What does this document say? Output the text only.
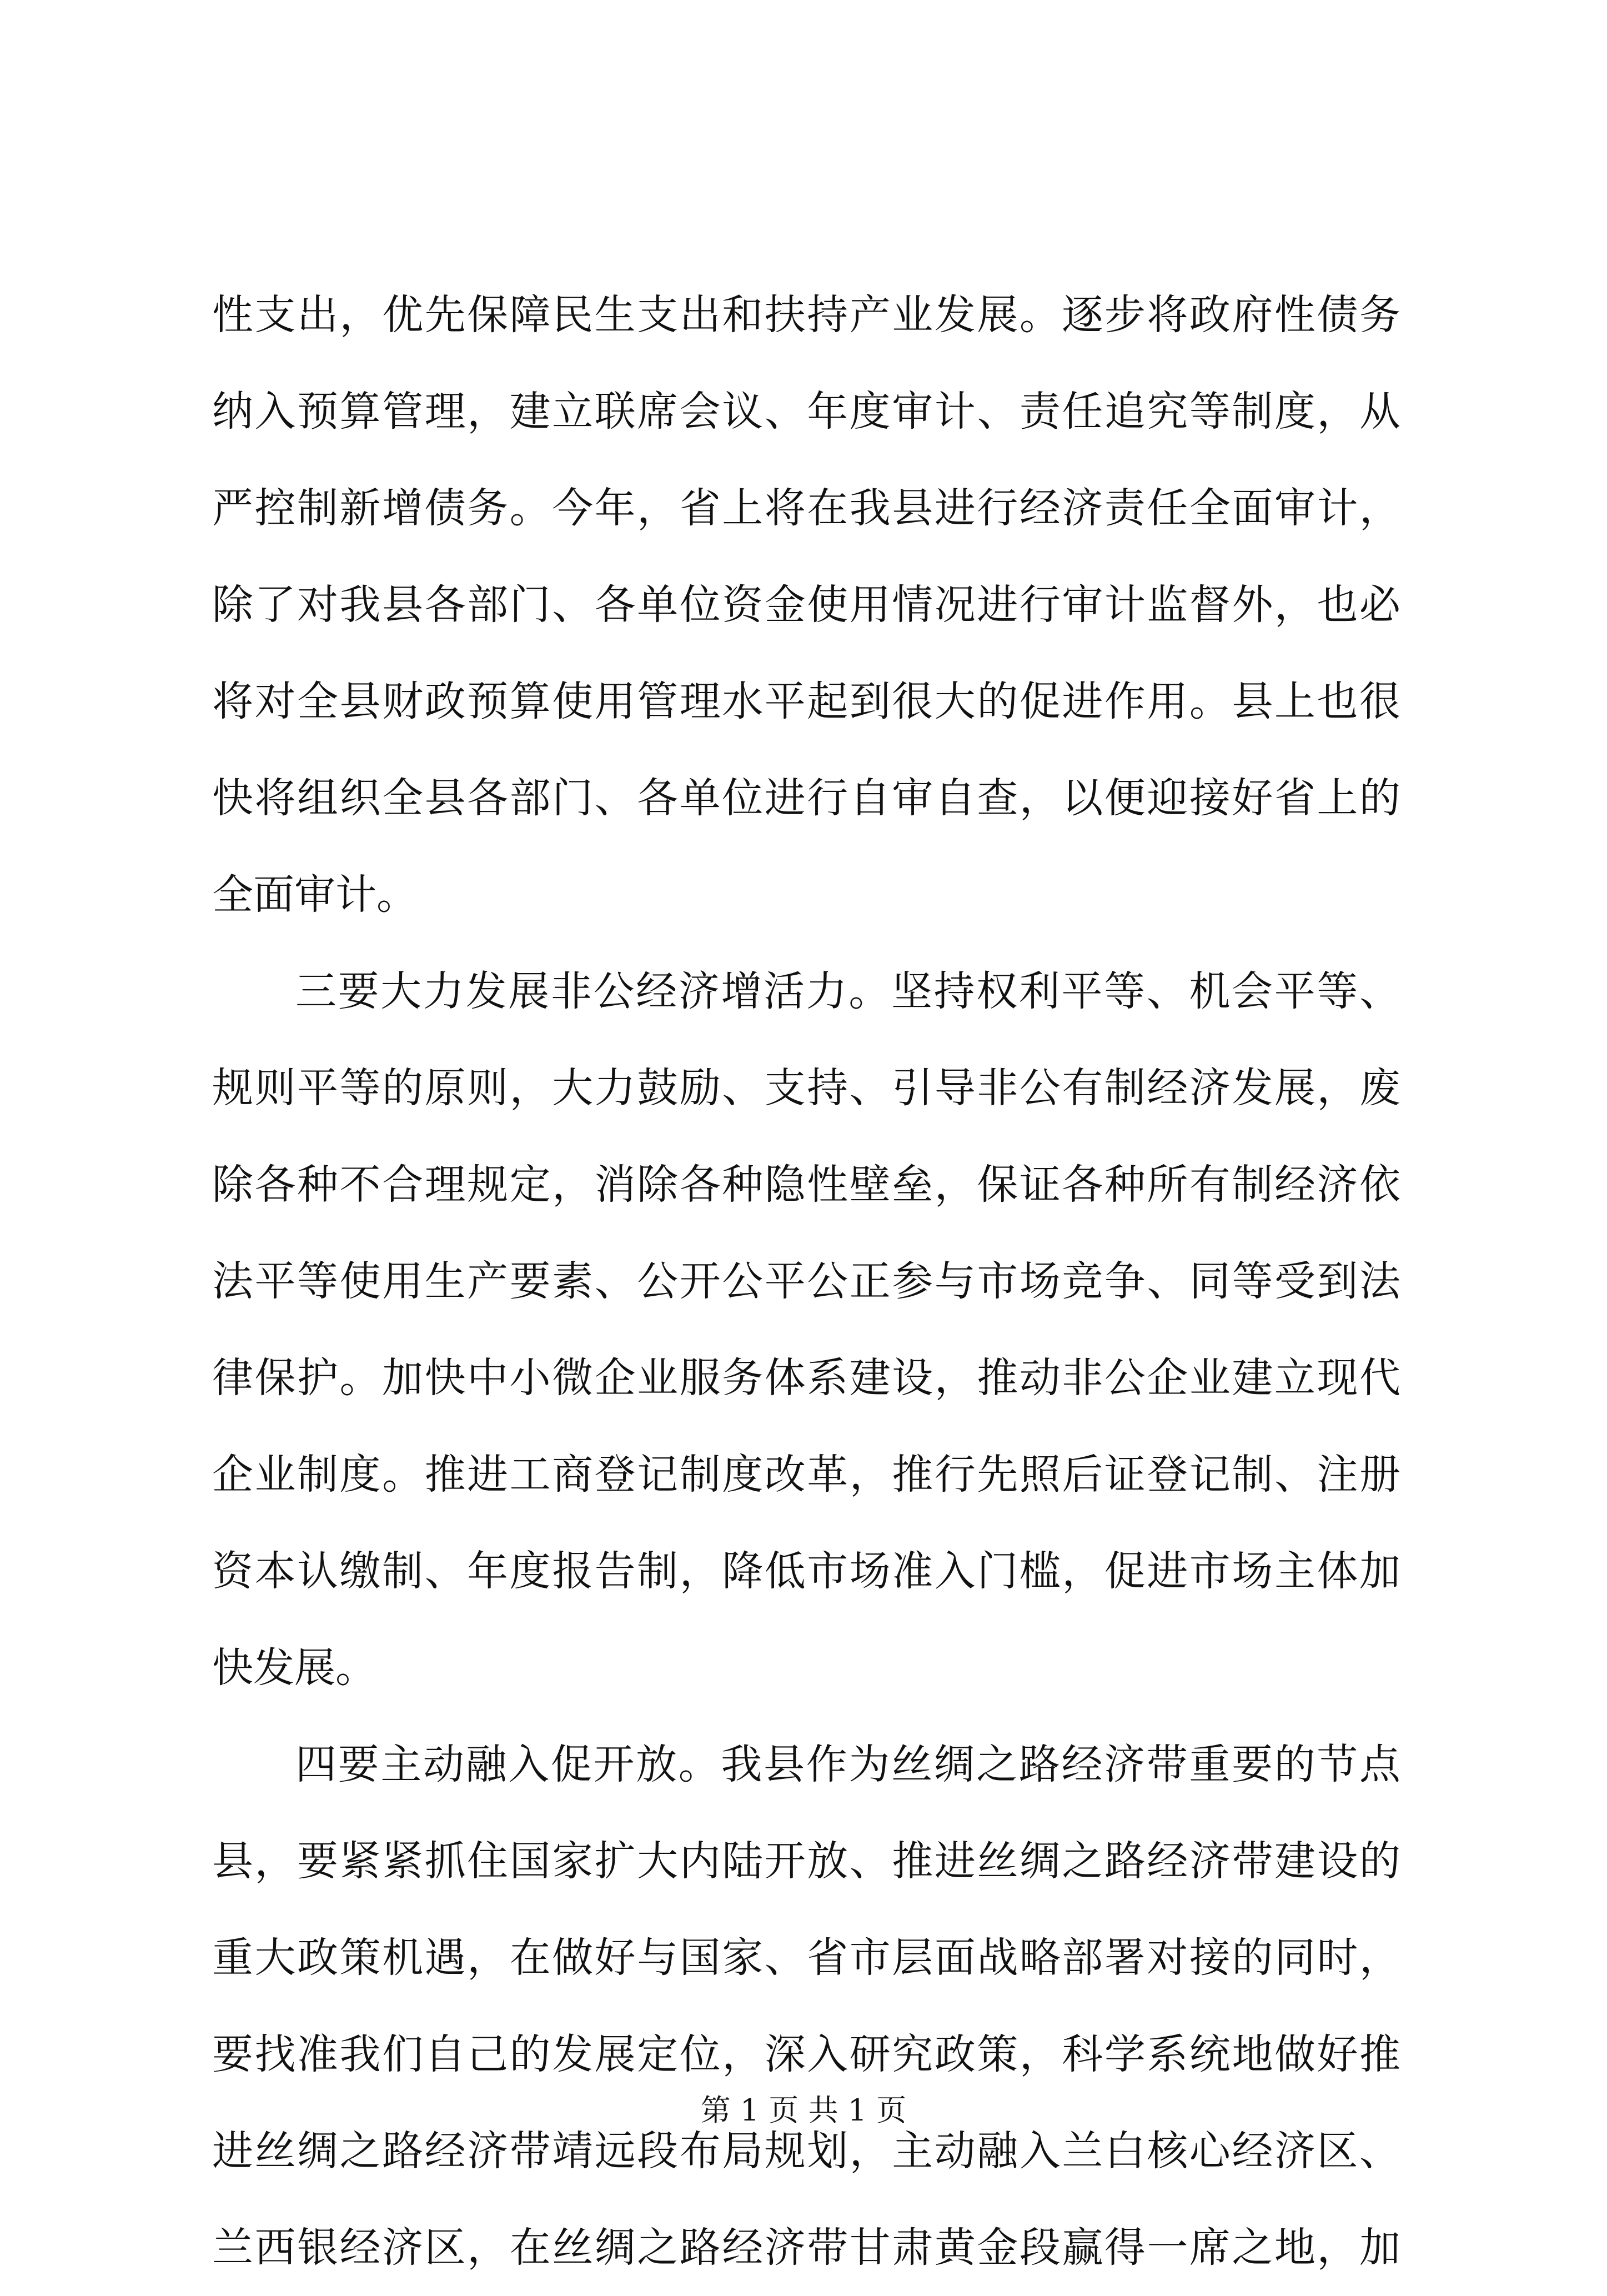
性支出，优先保障民生支出和扶持产业发展。逐步将政府性债务
纳入预算管理，建立联席会议、年度审计、责任追究等制度，从
严控制新增债务。今年，省上将在我县进行经济责任全面审计，
除了对我县各部门、各单位资金使用情况进行审计监督外，也必
将对全县财政预算使用管理水平起到很大的促进作用。县上也很
快将组织全县各部门、各单位进行自审自查，以便迎接好省上的
全面审计。
三要大力发展非公经济增活力。坚持权利平等、机会平等、
规则平等的原则，大力鼓励、支持、引导非公有制经济发展，废
除各种不合理规定，消除各种隐性壁垒，保证各种所有制经济依
法平等使用生产要素、公开公平公正参与市场竞争、同等受到法
律保护。加快中小微企业服务体系建设，推动非公企业建立现代
企业制度。推进工商登记制度改革，推行先照后证登记制、注册
资本认缴制、年度报告制，降低市场准入门槛，促进市场主体加
快发展。
四要主动融入促开放。我县作为丝绸之路经济带重要的节点
县，要紧紧抓住国家扩大内陆开放、推进丝绸之路经济带建设的
重大政策机遇，在做好与国家、省市层面战略部署对接的同时，
要找准我们自己的发展定位，深入研究政策，科学系统地做好推
进丝绸之路经济带靖远段布局规划，主动融入兰白核心经济区、
兰西银经济区，在丝绸之路经济带甘肃黄金段赢得一席之地，加
第 1 页 共 1 页
